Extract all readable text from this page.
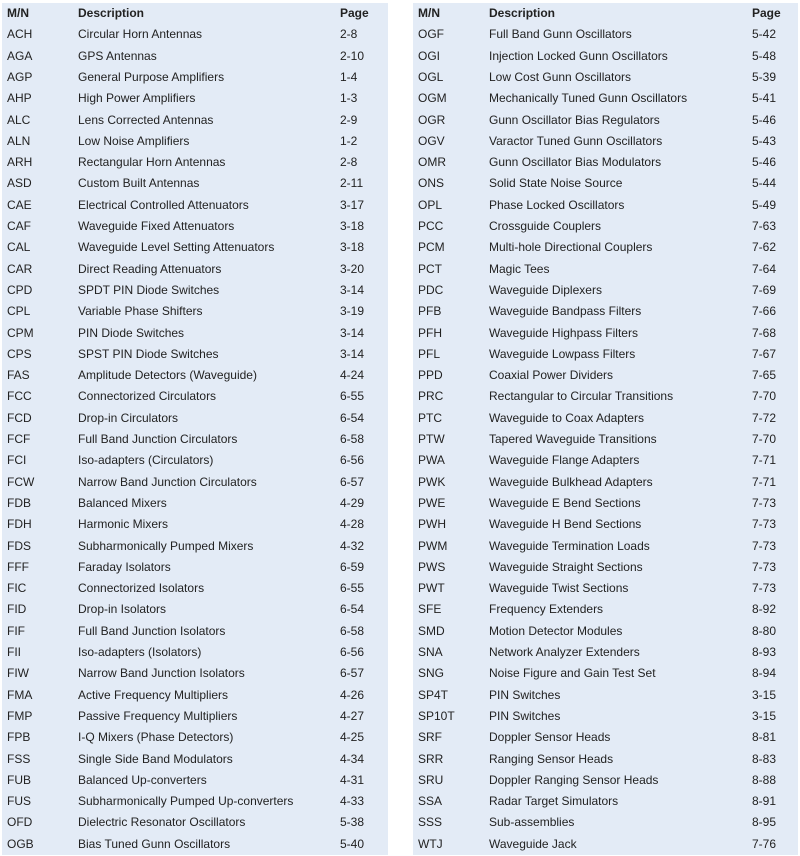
M/N	Description	Page
ACH	Circular Horn Antennas	2-8
AGA	GPS Antennas	2-10
AGP	General Purpose Amplifiers	1-4
AHP	High Power Amplifiers	1-3
ALC	Lens Corrected Antennas	2-9
ALN	Low Noise Amplifiers	1-2
ARH	Rectangular Horn Antennas	2-8
ASD	Custom Built Antennas	2-11
CAE	Electrical Controlled Attenuators	3-17
CAF	Waveguide Fixed Attenuators	3-18
CAL	Waveguide Level Setting Attenuators	3-18
CAR	Direct Reading Attenuators	3-20
CPD	SPDT PIN Diode Switches	3-14
CPL	Variable Phase Shifters	3-19
CPM	PIN Diode Switches	3-14
CPS	SPST PIN Diode Switches	3-14
FAS	Amplitude Detectors (Waveguide)	4-24
FCC	Connectorized Circulators	6-55
FCD	Drop-in Circulators	6-54
FCF	Full Band Junction Circulators	6-58
FCI	Iso-adapters (Circulators)	6-56
FCW	Narrow Band Junction Circulators	6-57
FDB	Balanced Mixers	4-29
FDH	Harmonic Mixers	4-28
FDS	Subharmonically Pumped Mixers	4-32
FFF	Faraday Isolators	6-59
FIC	Connectorized Isolators	6-55
FID	Drop-in Isolators	6-54
FIF	Full Band Junction Isolators	6-58
FII	Iso-adapters (Isolators)	6-56
FIW	Narrow Band Junction Isolators	6-57
FMA	Active Frequency Multipliers	4-26
FMP	Passive Frequency Multipliers	4-27
FPB	I-Q Mixers (Phase Detectors)	4-25
FSS	Single Side Band Modulators	4-34
FUB	Balanced Up-converters	4-31
FUS	Subharmonically Pumped Up-converters	4-33
OFD	Dielectric Resonator Oscillators	5-38
OGB	Bias Tuned Gunn Oscillators	5-40
M/N	Description	Page
OGF	Full Band Gunn Oscillators	5-42
OGI	Injection Locked Gunn Oscillators	5-48
OGL	Low Cost Gunn Oscillators	5-39
OGM	Mechanically Tuned Gunn Oscillators	5-41
OGR	Gunn Oscillator Bias Regulators	5-46
OGV	Varactor Tuned Gunn Oscillators	5-43
OMR	Gunn Oscillator Bias Modulators	5-46
ONS	Solid State Noise Source	5-44
OPL	Phase Locked Oscillators	5-49
PCC	Crossguide Couplers	7-63
PCM	Multi-hole Directional Couplers	7-62
PCT	Magic Tees	7-64
PDC	Waveguide Diplexers	7-69
PFB	Waveguide Bandpass Filters	7-66
PFH	Waveguide Highpass Filters	7-68
PFL	Waveguide Lowpass Filters	7-67
PPD	Coaxial Power Dividers	7-65
PRC	Rectangular to Circular Transitions	7-70
PTC	Waveguide to Coax Adapters	7-72
PTW	Tapered Waveguide Transitions	7-70
PWA	Waveguide Flange Adapters	7-71
PWK	Waveguide Bulkhead Adapters	7-71
PWE	Waveguide E Bend Sections	7-73
PWH	Waveguide H Bend Sections	7-73
PWM	Waveguide Termination Loads	7-73
PWS	Waveguide Straight Sections	7-73
PWT	Waveguide Twist Sections	7-73
SFE	Frequency Extenders	8-92
SMD	Motion Detector Modules	8-80
SNA	Network Analyzer Extenders	8-93
SNG	Noise Figure and Gain Test Set	8-94
SP4T	PIN Switches	3-15
SP10T	PIN Switches	3-15
SRF	Doppler Sensor Heads	8-81
SRR	Ranging Sensor Heads	8-83
SRU	Doppler Ranging Sensor Heads	8-88
SSA	Radar Target Simulators	8-91
SSS	Sub-assemblies	8-95
WTJ	Waveguide Jack	7-76
